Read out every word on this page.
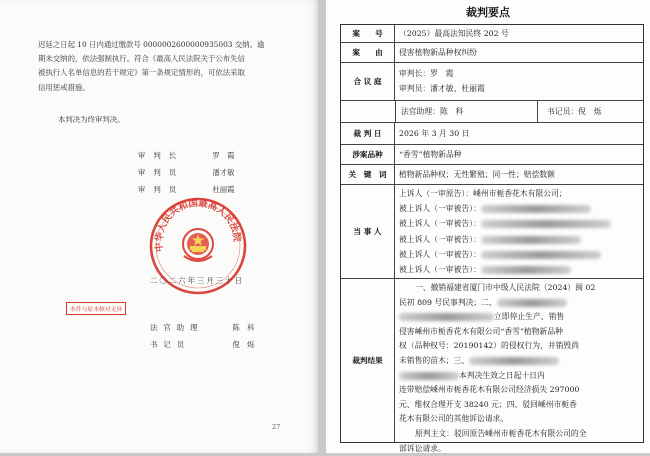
迟延之日起 10 日内通过缴款号 0000002600000935003 交纳。逾
期未交纳的，依法强制执行。符合《最高人民法院关于公布失信
被执行人名单信息的若干规定》第一条规定情形的，可依法采取
信用惩戒措施。
本判决为终审判决。
审判长	罗　霞
审判员	潘才敏
审判员	杜丽霞
中华人民共和国最高人民法院
二〇二六年三月三十日
本件与原本核对无异
法官助理	陈　科
书记员	倪　烁
27
裁判要点
案　　号	（2025）最高法知民终 202 号
案　　由	侵害植物新品种权纠纷
合 议 庭
审判长：罗　霞
审判员：潘才敏、杜丽霞
法官助理：陈　科	书记员：倪　烁
裁 判 日	2026 年 3 月 30 日
涉案品种	“香雪”植物新品种
关　键　词	植物新品种权；无性繁殖；同一性；赔偿数额
当 事 人
上诉人（一审原告）：嵊州市栀香花木有限公司；
被上诉人（一审被告）：
被上诉人（一审被告）：
被上诉人（一审被告）：
被上诉人（一审被告）：
被上诉人（一审被告）：
裁判结果
一、撤销福建省厦门市中级人民法院（2024）闽 02
民初 809 号民事判决；二、
立即停止生产、销售
侵害嵊州市栀香花木有限公司“香雪”植物新品种
权（品种权号：20190142）的侵权行为，并销毁尚
未销售的苗木；三、
本判决生效之日起十日内
连带赔偿嵊州市栀香花木有限公司经济损失 297000
元、维权合理开支 38240 元；四、驳回嵊州市栀香
花木有限公司的其他诉讼请求。
原判主文：驳回原告嵊州市栀香花木有限公司的全
部诉讼请求。
